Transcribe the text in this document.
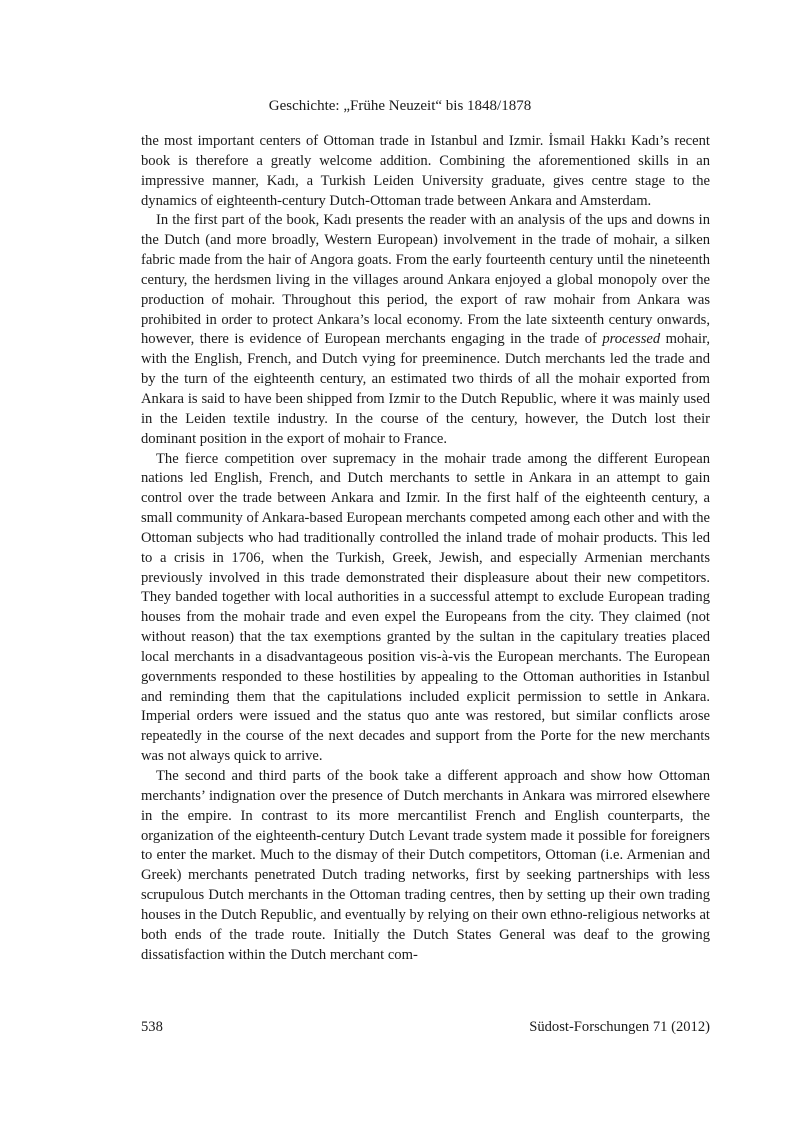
Geschichte: „Frühe Neuzeit“ bis 1848/1878

the most important centers of Ottoman trade in Istanbul and Izmir. İsmail Hakkı Kadı’s recent book is therefore a greatly welcome addition. Combining the aforementioned skills in an impressive manner, Kadı, a Turkish Leiden University graduate, gives centre stage to the dynamics of eighteenth-century Dutch-Ottoman trade between Ankara and Amsterdam.

In the first part of the book, Kadı presents the reader with an analysis of the ups and downs in the Dutch (and more broadly, Western European) involvement in the trade of mohair, a silken fabric made from the hair of Angora goats. From the early fourteenth century until the nineteenth century, the herdsmen living in the villages around Ankara enjoyed a global monopoly over the production of mohair. Throughout this period, the export of raw mohair from Ankara was prohibited in order to protect Ankara’s local economy. From the late sixteenth century onwards, however, there is evidence of European merchants engaging in the trade of processed mohair, with the English, French, and Dutch vying for preeminence. Dutch merchants led the trade and by the turn of the eighteenth century, an estimated two thirds of all the mohair exported from Ankara is said to have been shipped from Izmir to the Dutch Republic, where it was mainly used in the Leiden textile industry. In the course of the century, however, the Dutch lost their dominant position in the export of mohair to France.

The fierce competition over supremacy in the mohair trade among the different European nations led English, French, and Dutch merchants to settle in Ankara in an attempt to gain control over the trade between Ankara and Izmir. In the first half of the eighteenth century, a small community of Ankara-based European merchants competed among each other and with the Ottoman subjects who had traditionally controlled the inland trade of mohair products. This led to a crisis in 1706, when the Turkish, Greek, Jewish, and especially Armenian merchants previously involved in this trade demonstrated their displeasure about their new competitors. They banded together with local authorities in a successful attempt to exclude European trading houses from the mohair trade and even expel the Europeans from the city. They claimed (not without reason) that the tax exemptions granted by the sultan in the capitulary treaties placed local merchants in a disadvantageous position vis-à-vis the European merchants. The European governments responded to these hostilities by appealing to the Ottoman authorities in Istanbul and reminding them that the capitulations included explicit permission to settle in Ankara. Imperial orders were issued and the status quo ante was restored, but similar conflicts arose repeatedly in the course of the next decades and support from the Porte for the new merchants was not always quick to arrive.

The second and third parts of the book take a different approach and show how Ottoman merchants’ indignation over the presence of Dutch merchants in Ankara was mirrored elsewhere in the empire. In contrast to its more mercantilist French and English counterparts, the organization of the eighteenth-century Dutch Levant trade system made it possible for foreigners to enter the market. Much to the dismay of their Dutch competitors, Ottoman (i.e. Armenian and Greek) merchants penetrated Dutch trading networks, first by seeking partnerships with less scrupulous Dutch merchants in the Ottoman trading centres, then by setting up their own trading houses in the Dutch Republic, and eventually by relying on their own ethno-religious networks at both ends of the trade route. Initially the Dutch States General was deaf to the growing dissatisfaction within the Dutch merchant com-

538	Südost-Forschungen 71 (2012)
